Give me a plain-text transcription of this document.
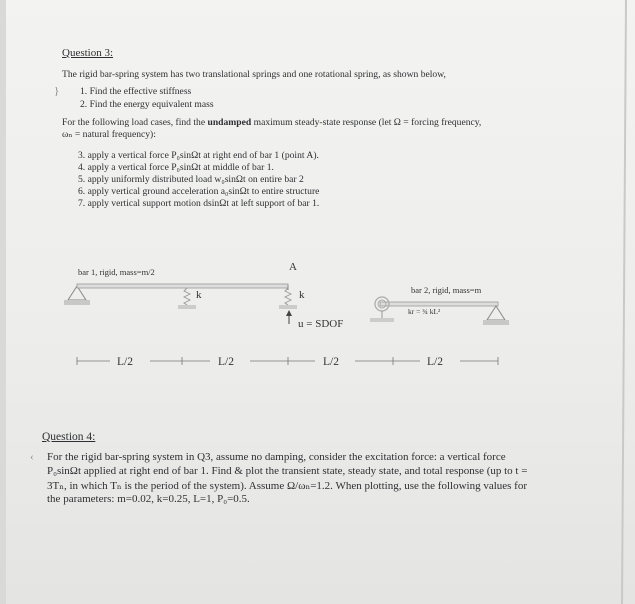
Question 3:
The rigid bar-spring system has two translational springs and one rotational spring, as shown below,
} 1. Find the effective stiffness
2. Find the energy equivalent mass
For the following load cases, find the undamped maximum steady-state response (let Ω = forcing frequency,
ωₙ = natural frequency):
3. apply a vertical force P₀sinΩt at right end of bar 1 (point A).
4. apply a vertical force P₀sinΩt at middle of bar 1.
5. apply uniformly distributed load w₀sinΩt on entire bar 2
6. apply vertical ground acceleration a₀sinΩt to entire structure
7. apply vertical support motion dsinΩt at left support of bar 1.
L/2	L/2	L/2	L/2
bar 1, rigid, mass=m/2	A
k	k	bar 2, rigid, mass=m
kr = ¾ kL²
u = SDOF
‹
Question 4:
For the rigid bar-spring system in Q3, assume no damping, consider the excitation force: a vertical force
P₀sinΩt applied at right end of bar 1. Find & plot the transient state, steady state, and total response (up to t =
3Tₙ, in which Tₙ is the period of the system). Assume Ω/ωₙ=1.2. When plotting, use the following values for
the parameters: m=0.02, k=0.25, L=1, P₀=0.5.
